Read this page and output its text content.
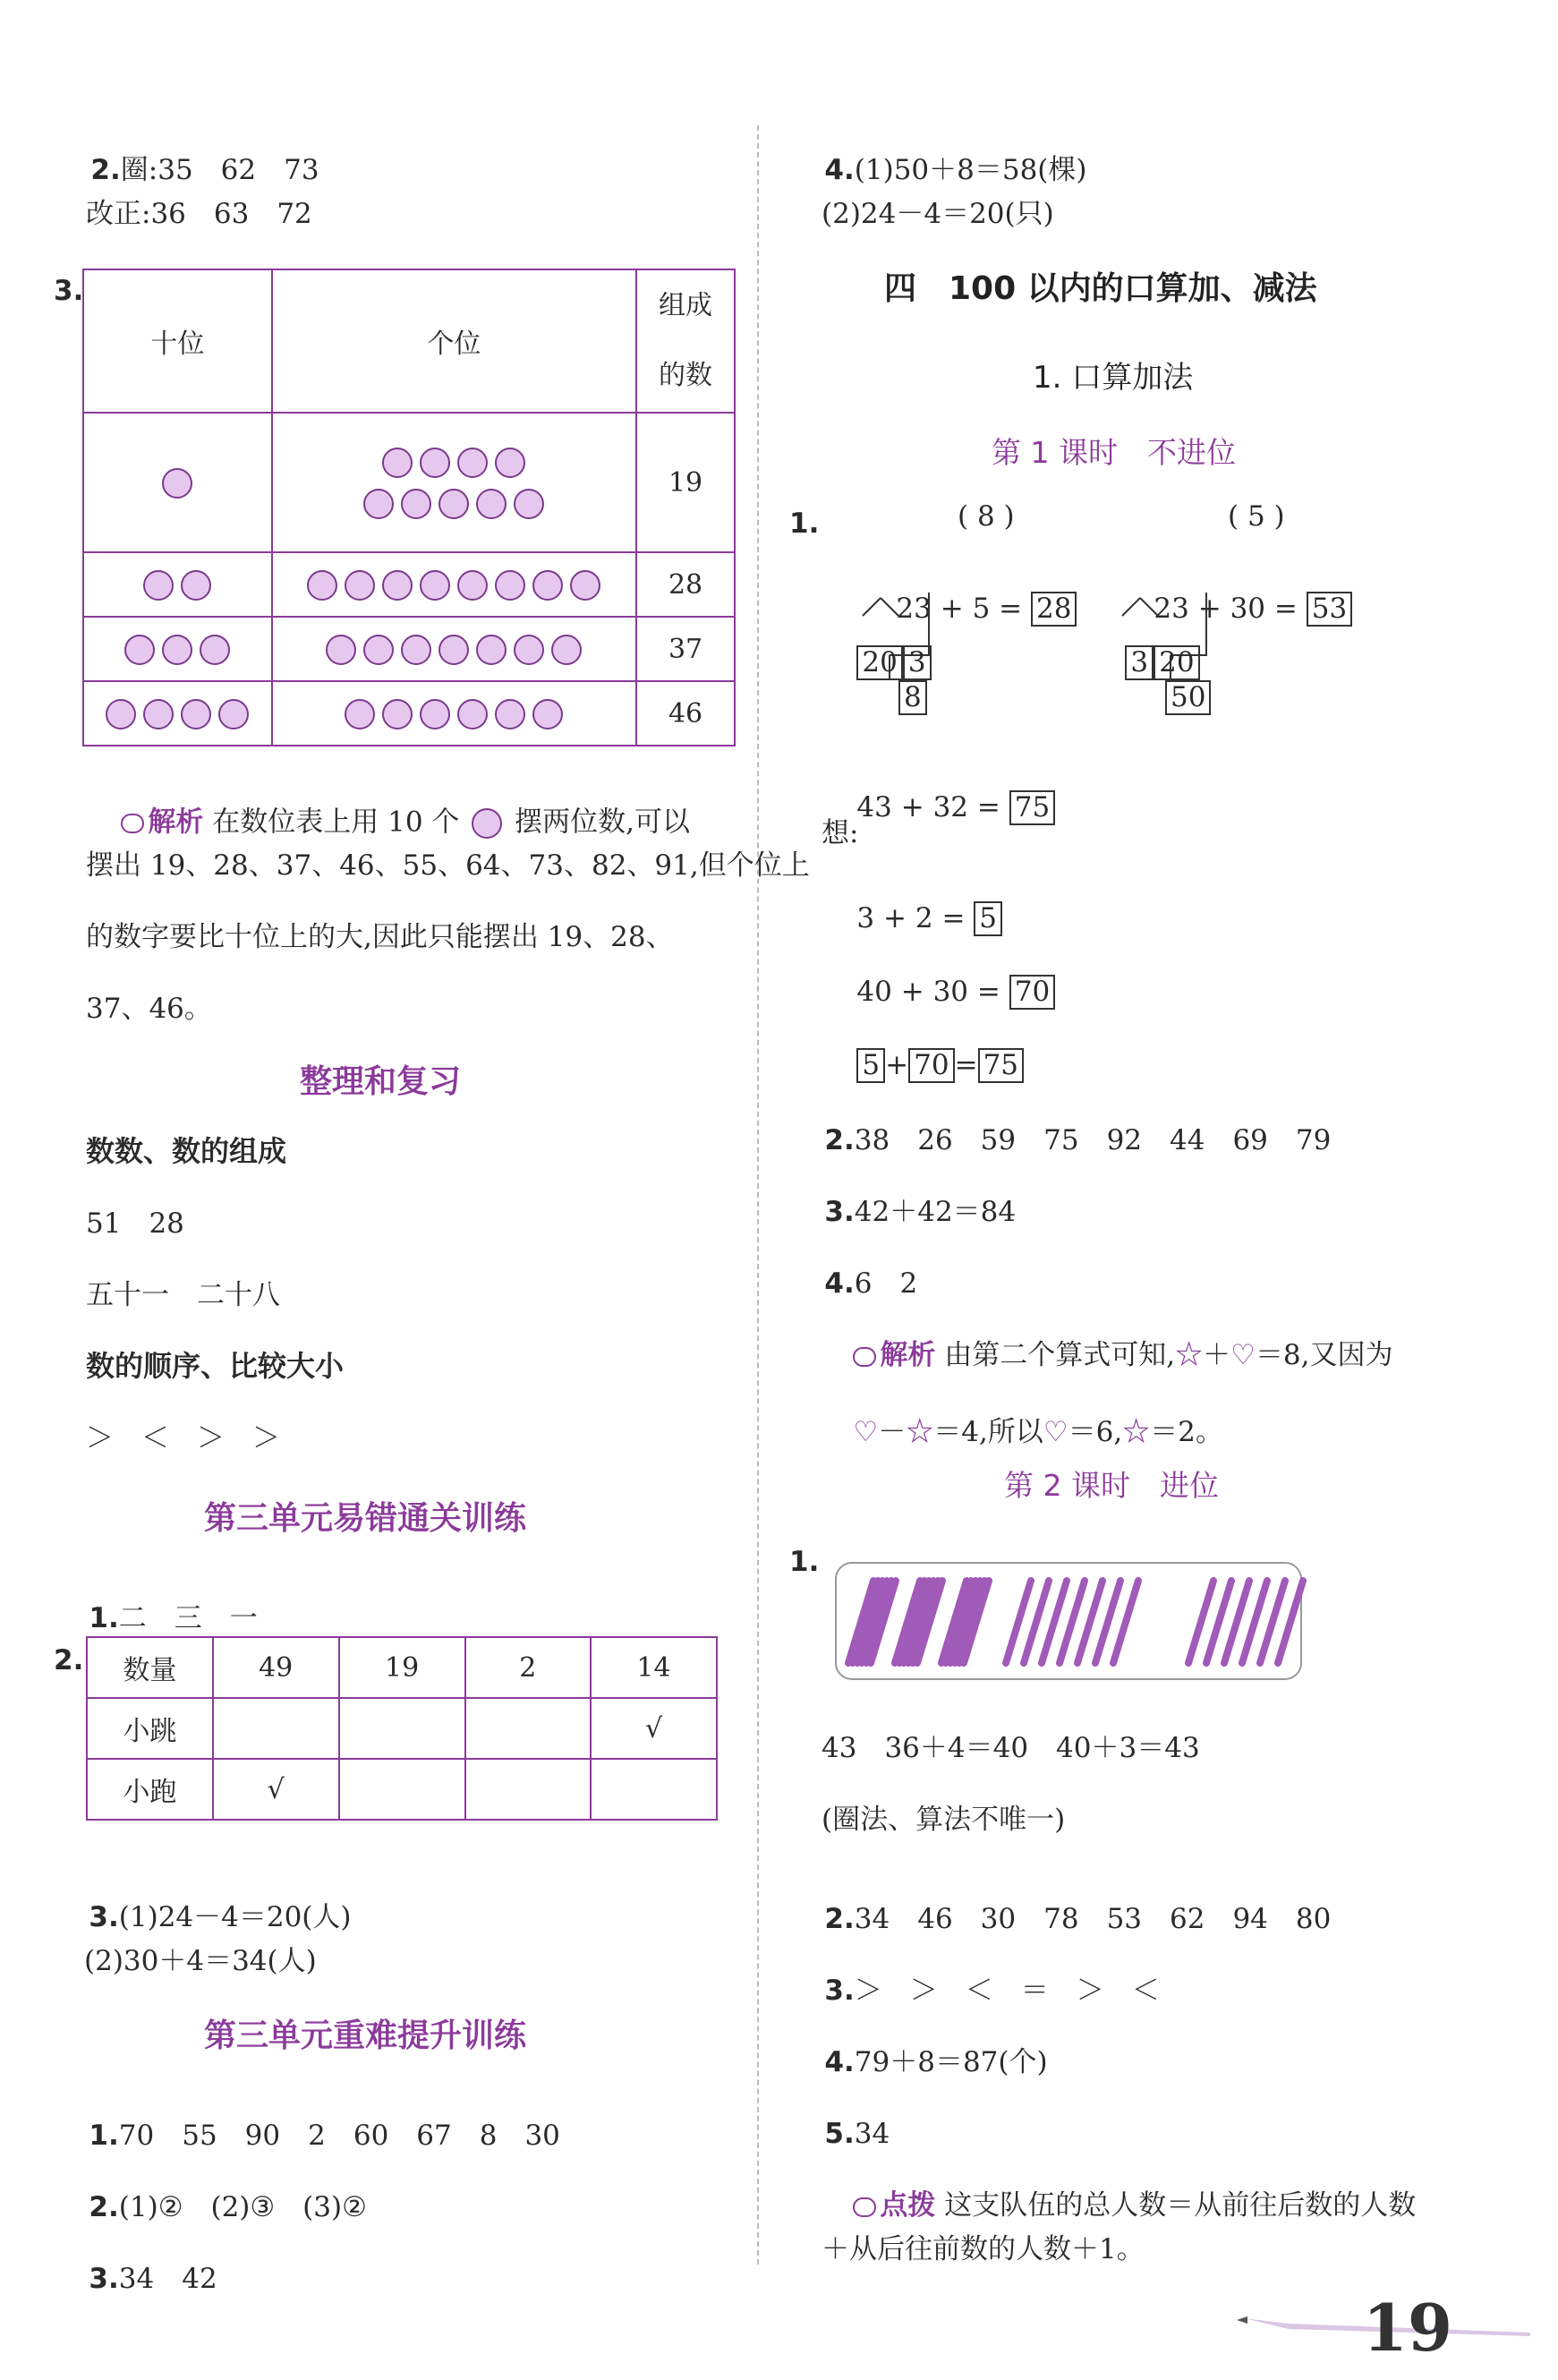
2.圈:35　62　73

改正:36　63　72
3.
十位	个位	组成
的数

	19

	28

	37

	46

解析 在数位表上用 10 个 摆两位数,可以

摆出 19、28、37、46、55、64、73、82、91,但个位上
的数字要比十位上的大,因此只能摆出 19、28、
37、46。
整理和复习
数数、数的组成
51　28
五十一　二十八
数的顺序、比较大小
＞　＜　＞　＞
第三单元易错通关训练

1.二　三　一

2. 数量	49	19	2	14
小跳				√
小跑	√			

3.(1)24－4＝20(人)

(2)30＋4＝34(人)
第三单元重难提升训练

1.70　55　90　2　60　67　8　30

2.(1)②　(2)③　(3)②

3.34　42

4.(1)50＋8＝58(棵)

(2)24－4＝20(只)
四　100 以内的口算加、减法
1. 口算加法
第 1 课时　不进位
1.	( 8 )

23 + 5 = 28

20 3

8
( 5 )

23 + 30 = 53

3 20

50

43 + 32 = 75

想:

3 + 2 = 5

40 + 30 = 70

5 + 70 = 75

2.38　26　59　75　92　44　69　79

3.42＋42＝84

4.6　2

解析 由第二个算式可知,☆＋♡＝8,又因为

♡－☆＝4,所以♡＝6,☆＝2。

第 2 课时　进位
1.
43　36＋4＝40　40＋3＝43
(圈法、算法不唯一)

2.34　46　30　78　53　62　94　80

3.＞　＞　＜　＝　＞　＜

4.79＋8＝87(个)

5.34

点拨 这支队伍的总人数＝从前往后数的人数

＋从后往前数的人数＋1。
19
